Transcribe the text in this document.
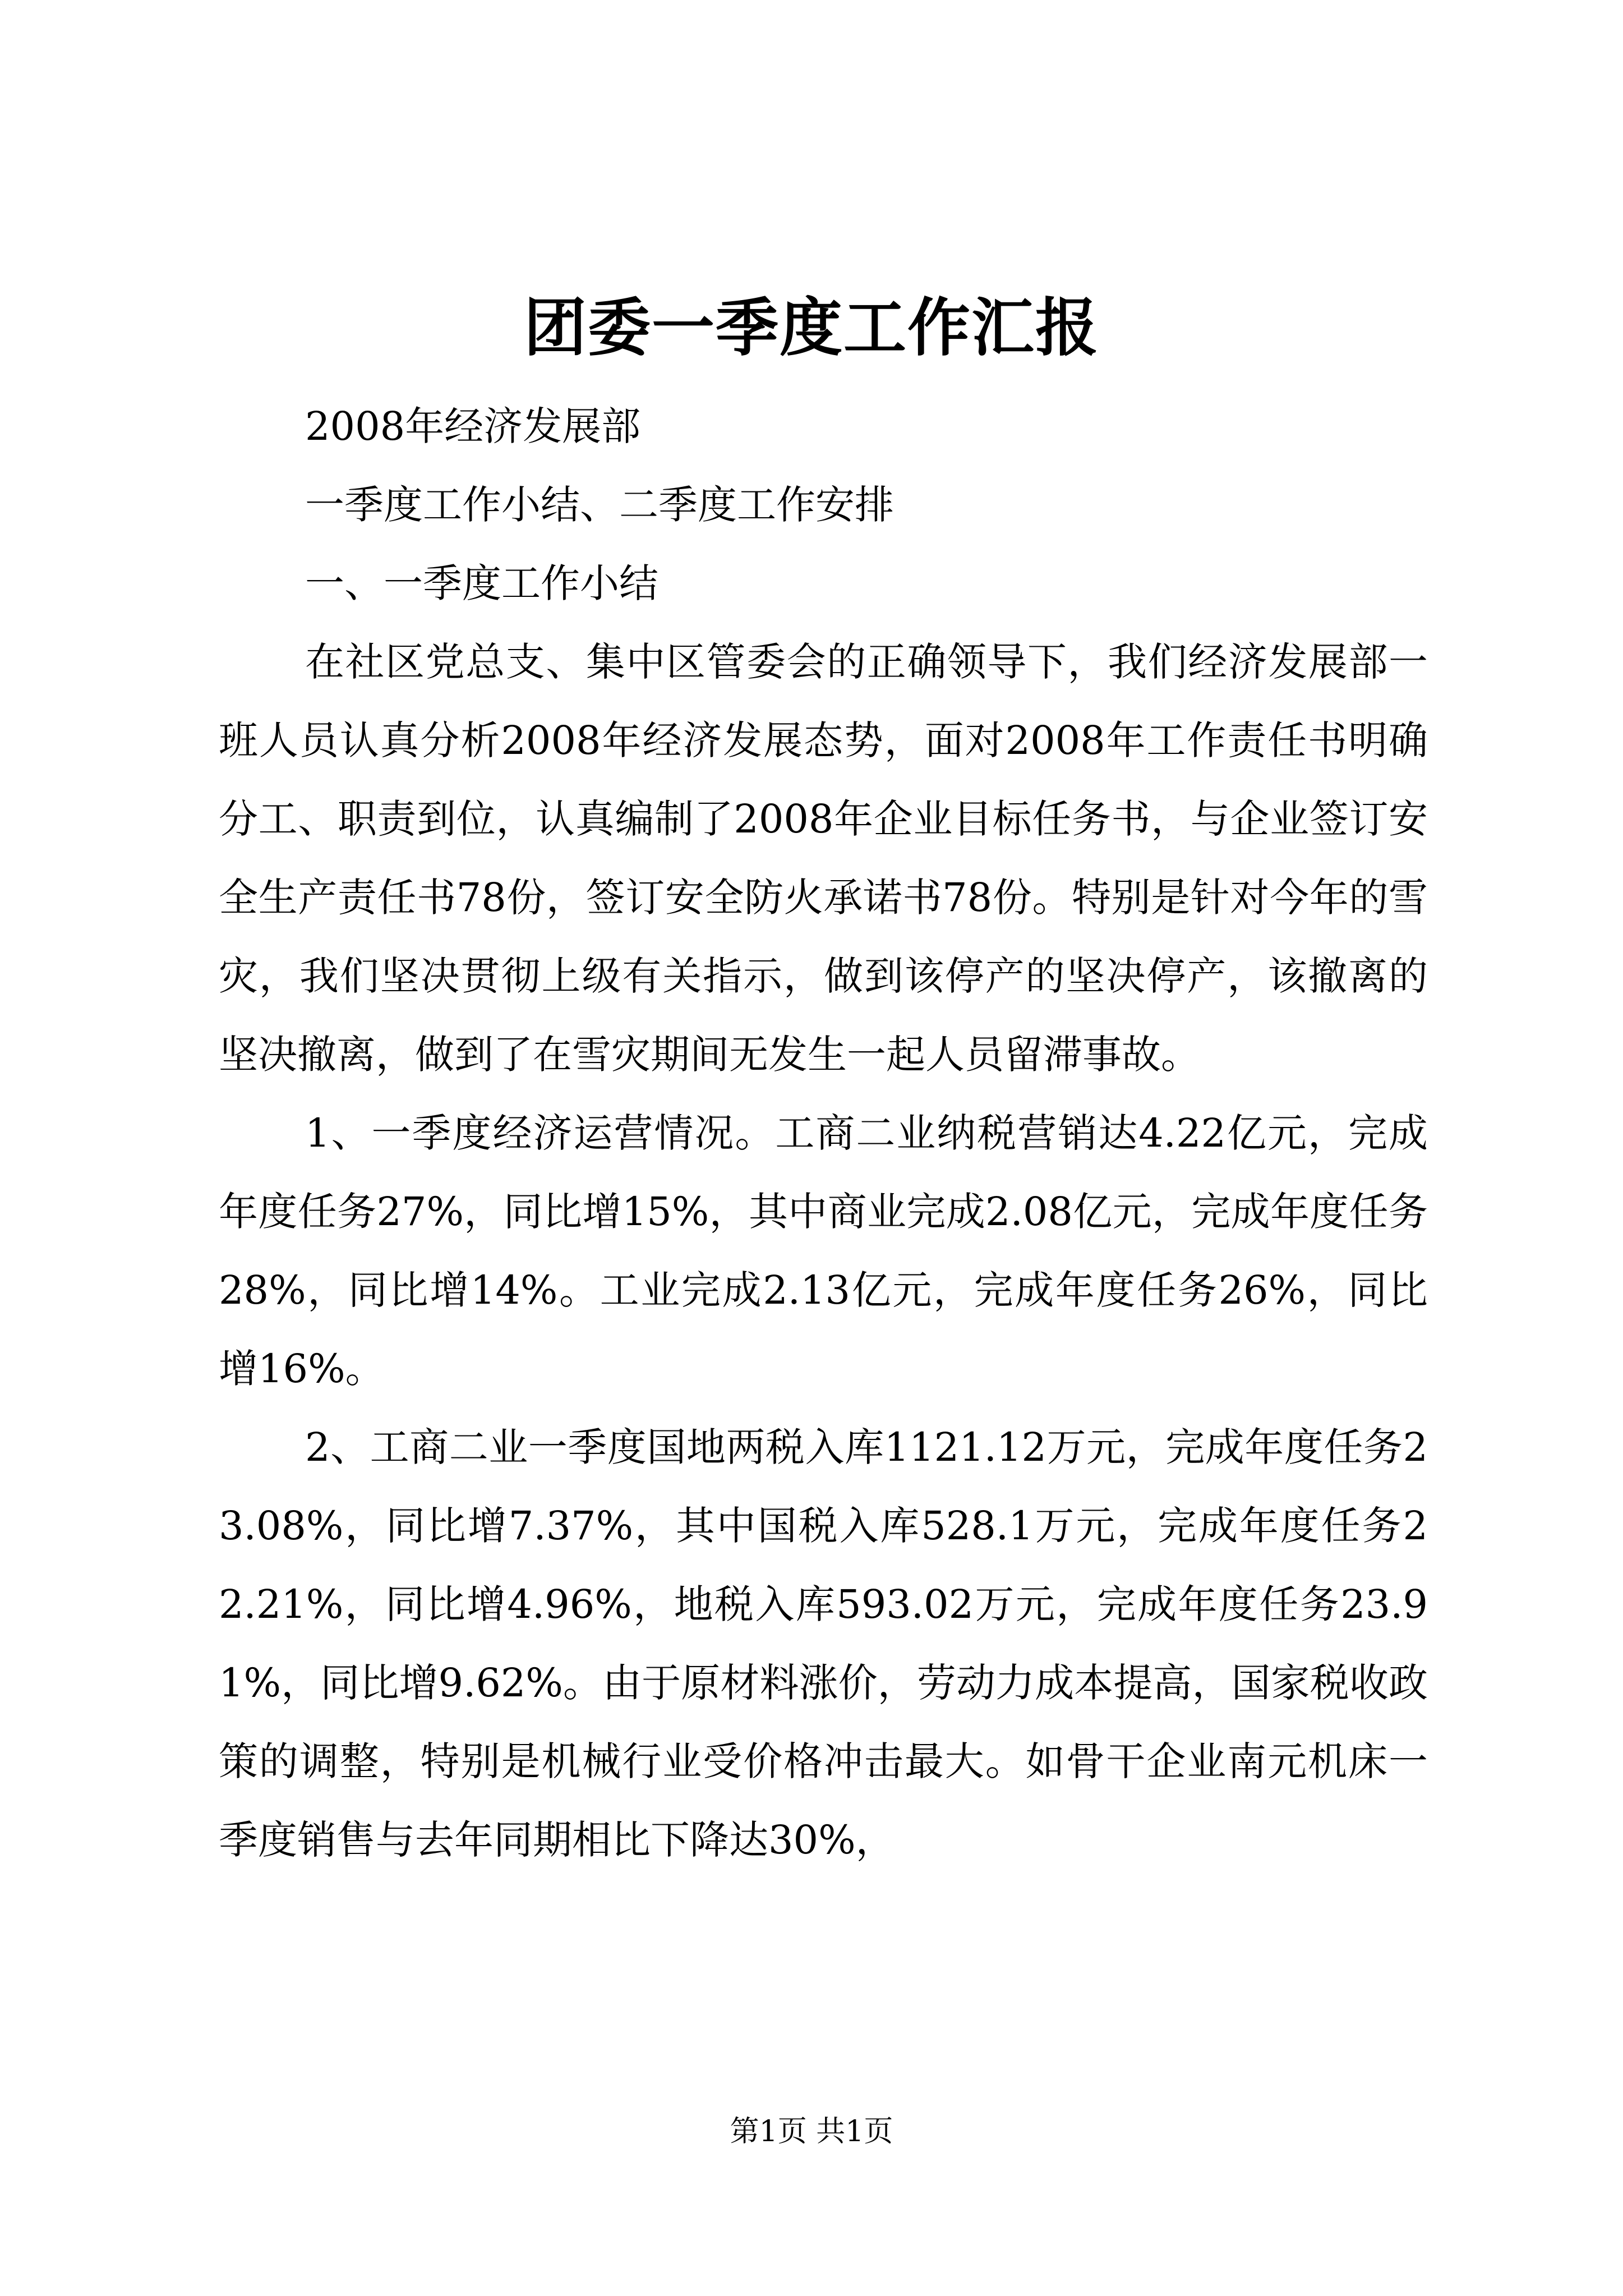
团委一季度工作汇报

2008年经济发展部

一季度工作小结、二季度工作安排

一、一季度工作小结

在社区党总支、集中区管委会的正确领导下，我们经济发展部一班人员认真分析2008年经济发展态势，面对2008年工作责任书明确分工、职责到位，认真编制了2008年企业目标任务书，与企业签订安全生产责任书78份，签订安全防火承诺书78份。特别是针对今年的雪灾，我们坚决贯彻上级有关指示，做到该停产的坚决停产，该撤离的坚决撤离，做到了在雪灾期间无发生一起人员留滞事故。

1、一季度经济运营情况。工商二业纳税营销达4.22亿元，完成年度任务27%，同比增15%，其中商业完成2.08亿元，完成年度任务28%，同比增14%。工业完成2.13亿元，完成年度任务26%，同比增16%。

2、工商二业一季度国地两税入库1121.12万元，完成年度任务23.08%，同比增7.37%，其中国税入库528.1万元，完成年度任务22.21%，同比增4.96%，地税入库593.02万元，完成年度任务23.91%，同比增9.62%。由于原材料涨价，劳动力成本提高，国家税收政策的调整，特别是机械行业受价格冲击最大。如骨干企业南元机床一季度销售与去年同期相比下降达30%，

第1页 共1页
